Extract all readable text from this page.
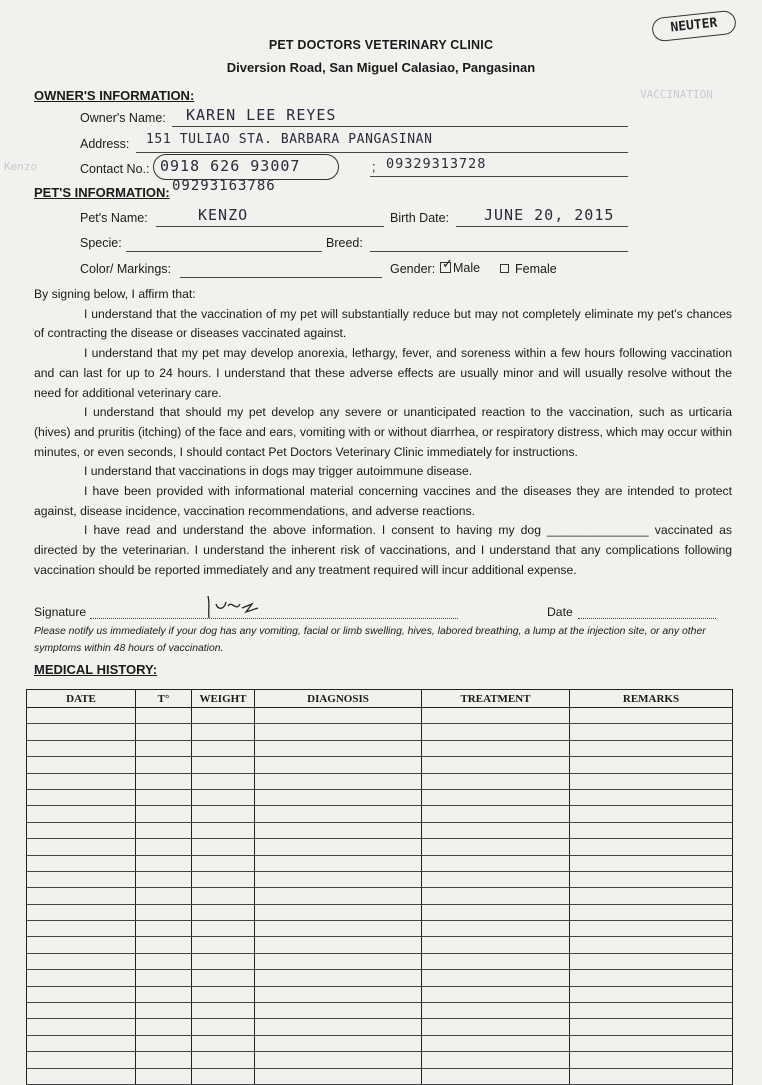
NEUTER
PET DOCTORS VETERINARY CLINIC
Diversion Road, San Miguel Calasiao, Pangasinan
VACCINATION
Kenzo
OWNER'S INFORMATION:
Owner's Name: KAREN LEE REYES
Address: 151 TULIAO STA. BARBARA PANGASINAN
Contact No.: 0918 626 93007	; 09329313728
09293163786
PET'S INFORMATION:
Pet's Name:	KENZO	Birth Date: JUNE 20, 2015
Specie:	Breed:
Color/ Markings:	Gender: ✓ Male	Female

By signing below, I affirm that:

I understand that the vaccination of my pet will substantially reduce but may not completely eliminate my pet's chances of contracting the disease or diseases vaccinated against.

I understand that my pet may develop anorexia, lethargy, fever, and soreness within a few hours following vaccination and can last for up to 24 hours. I understand that these adverse effects are usually minor and will usually resolve without the need for additional veterinary care.

I understand that should my pet develop any severe or unanticipated reaction to the vaccination, such as urticaria (hives) and pruritis (itching) of the face and ears, vomiting with or without diarrhea, or respiratory distress, which may occur within minutes, or even seconds, I should contact Pet Doctors Veterinary Clinic immediately for instructions.

I understand that vaccinations in dogs may trigger autoimmune disease.

I have been provided with informational material concerning vaccines and the diseases they are intended to protect against, disease incidence, vaccination recommendations, and adverse reactions.

I have read and understand the above information. I consent to having my dog _______________ vaccinated as directed by the veterinarian. I understand the inherent risk of vaccinations, and I understand that any complications following vaccination should be reported immediately and any treatment required will incur additional expense.

Signature	Date
Please notify us immediately if your dog has any vomiting, facial or limb swelling, hives, labored breathing, a lump at the injection site, or any other symptoms within 48 hours of vaccination.
MEDICAL HISTORY:
DATE	T°	WEIGHT	DIAGNOSIS	TREATMENT	REMARKS
